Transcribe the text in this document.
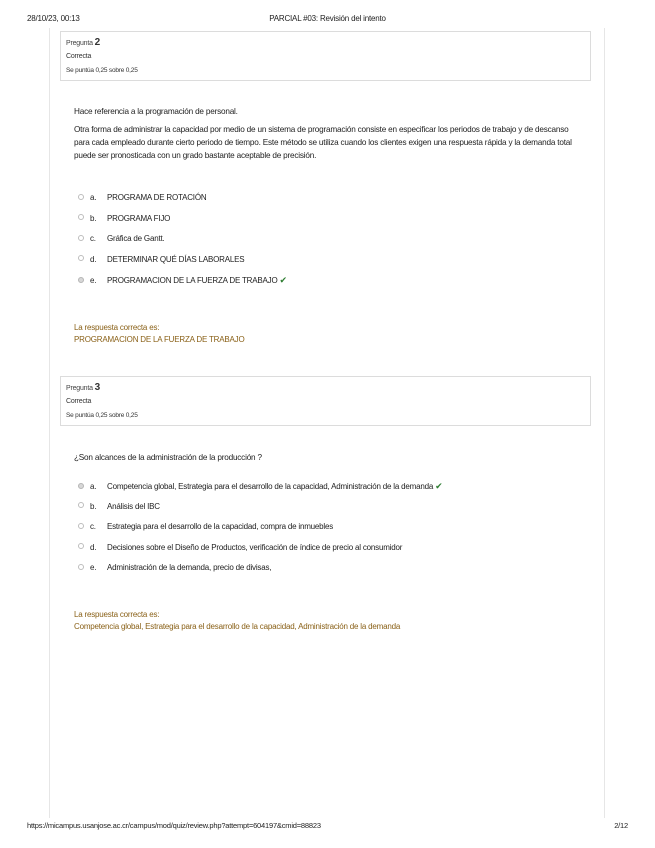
28/10/23, 00:13	PARCIAL #03: Revisión del intento
Pregunta 2
Correcta
Se puntúa 0,25 sobre 0,25

Hace referencia a la programación de personal.

Otra forma de administrar la capacidad por medio de un sistema de programación consiste en especificar los periodos de trabajo y de descanso para cada empleado durante cierto periodo de tiempo. Este método se utiliza cuando los clientes exigen una respuesta rápida y la demanda total puede ser pronosticada con un grado bastante aceptable de precisión.

a. PROGRAMA DE ROTACIÓN
b. PROGRAMA FIJO
c. Gráfica de Gantt.
d. DETERMINAR QUÉ DÍAS LABORALES
e. PROGRAMACION DE LA FUERZA DE TRABAJO ✔
La respuesta correcta es:
PROGRAMACION DE LA FUERZA DE TRABAJO
Pregunta 3
Correcta
Se puntúa 0,25 sobre 0,25

¿Son alcances de la administración de la producción ?

a. Competencia global, Estrategia para el desarrollo de la capacidad, Administración de la demanda ✔
b. Análisis del IBC
c. Estrategia para el desarrollo de la capacidad, compra de inmuebles
d. Decisiones sobre el Diseño de Productos, verificación de índice de precio al consumidor
e. Administración de la demanda, precio de divisas,
La respuesta correcta es:
Competencia global, Estrategia para el desarrollo de la capacidad, Administración de la demanda
https://micampus.usanjose.ac.cr/campus/mod/quiz/review.php?attempt=604197&cmid=88823	2/12
